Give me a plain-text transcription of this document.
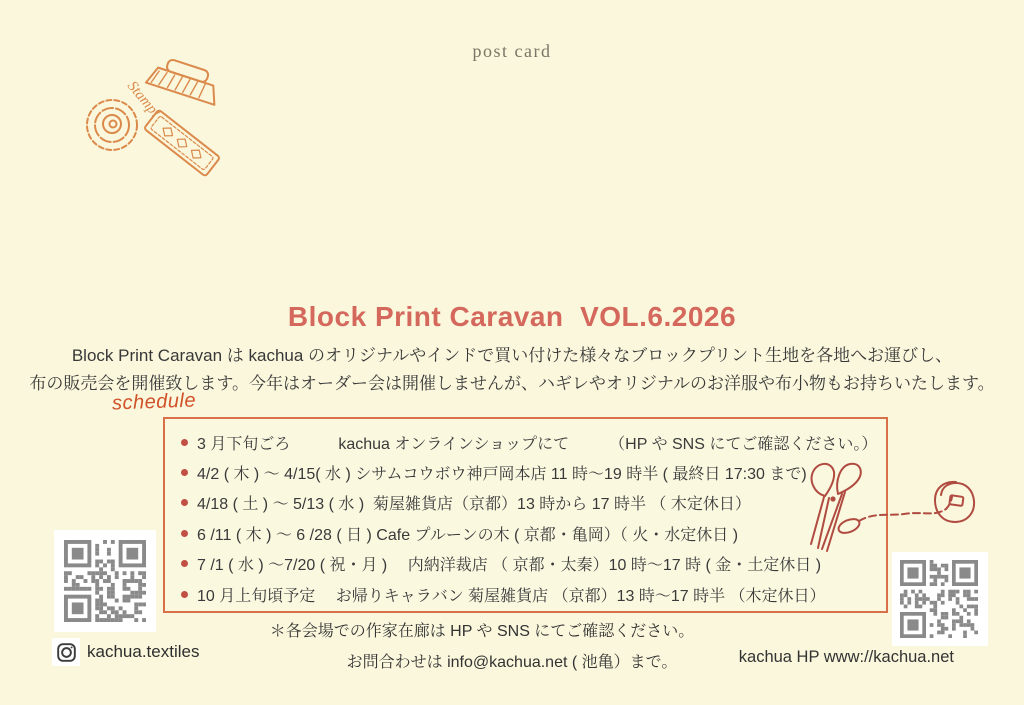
post card
Stamp!
Block Print Caravan  VOL.6.2026

Block Print Caravan は kachua のオリジナルやインドで買い付けた様々なブロックプリント生地を各地へお運びし、

布の販売会を開催致します。今年はオーダー会は開催しませんが、ハギレやオリジナルのお洋服や布小物もお持ちいたします。

schedule
3 月下旬ごろ　　　kachua オンラインショップにて　　　（HP や SNS にてご確認ください。）
4/2 ( 木 ) ～ 4/15( 水 ) シサムコウボウ神戸岡本店 11 時～19 時半 ( 最終日 17:30 まで)
4/18 ( 土 ) ～ 5/13 ( 水 )  菊屋雑貨店（京都）13 時から 17 時半 （ 木定休日）
6 /11 ( 木 ) ～ 6 /28 ( 日 ) Cafe プルーンの木 ( 京都・亀岡）（ 火・水定休日 )
7 /1 ( 水 ) ～7/20 ( 祝・月 )　 内納洋裁店 （ 京都・太秦）10 時～17 時 ( 金・土定休日 )
10 月上旬頃予定　 お帰りキャラバン 菊屋雑貨店 （京都）13 時～17 時半 （木定休日）

＊各会場での作家在廊は HP や SNS にてご確認ください。

kachua.textiles

お問合わせは info@kachua.net ( 池亀）まで。	kachua HP www://kachua.net
